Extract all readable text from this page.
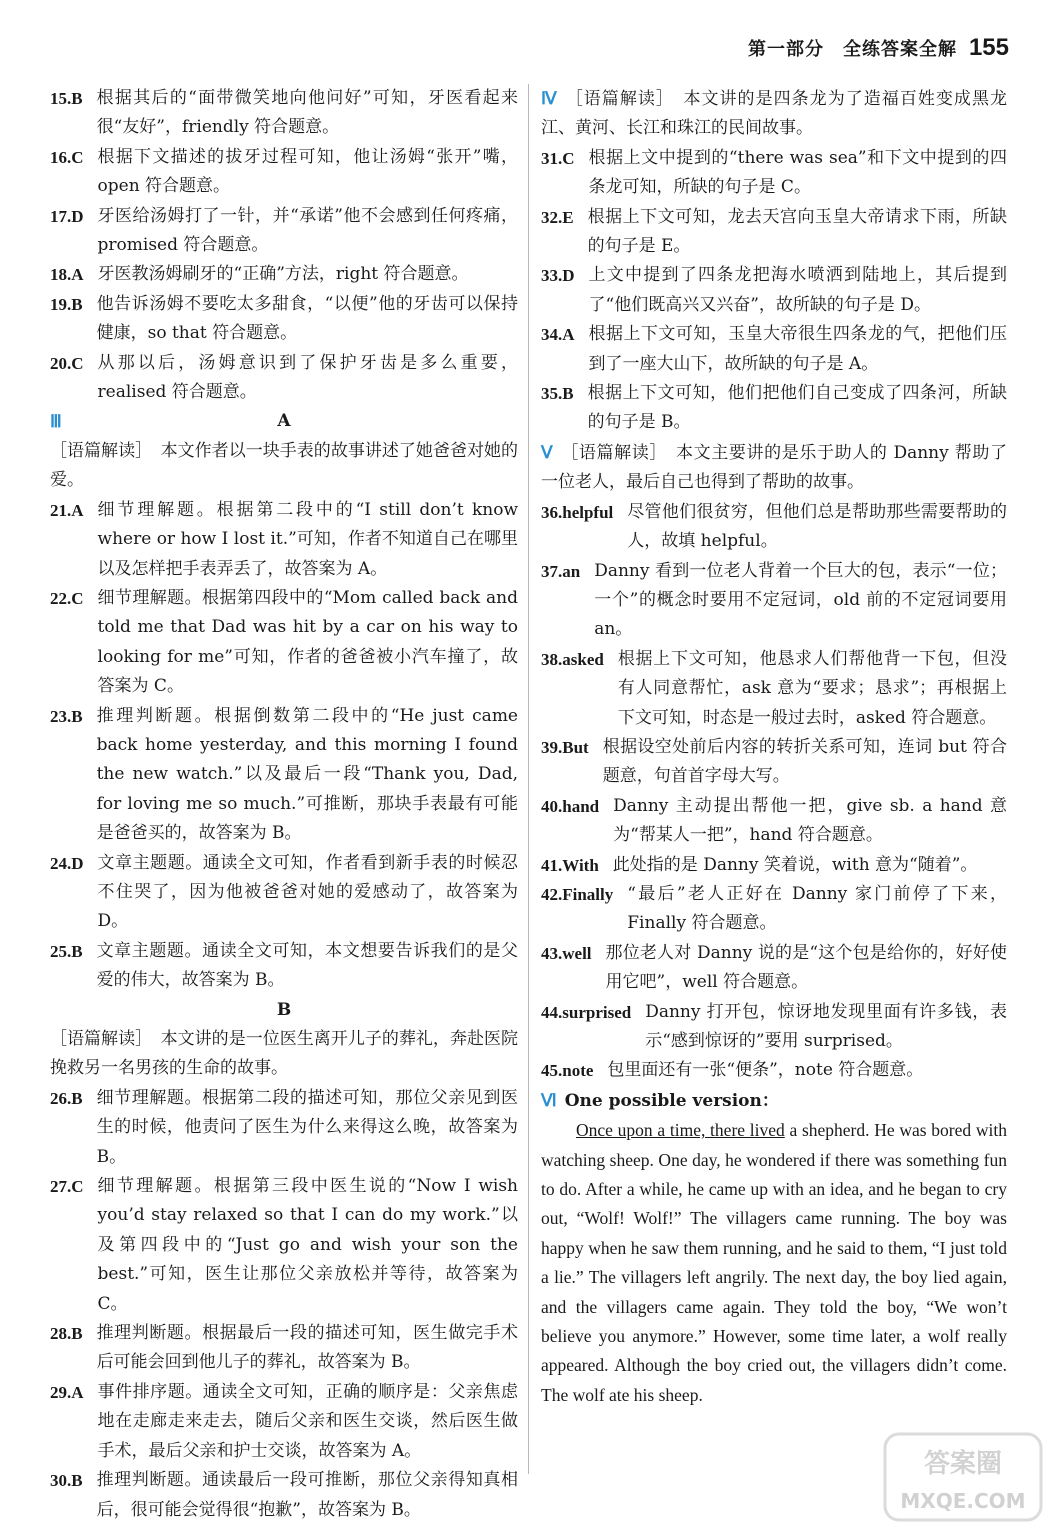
第一部分　全练答案全解 155
15.B 根据其后的“面带微笑地向他问好”可知，牙医看起来很“友好”，friendly 符合题意。
16.C 根据下文描述的拔牙过程可知，他让汤姆“张开”嘴，open 符合题意。
17.D 牙医给汤姆打了一针，并“承诺”他不会感到任何疼痛，promised 符合题意。
18.A 牙医教汤姆刷牙的“正确”方法，right 符合题意。
19.B 他告诉汤姆不要吃太多甜食，“以便”他的牙齿可以保持健康，so that 符合题意。
20.C 从那以后，汤姆意识到了保护牙齿是多么重要，realised 符合题意。
Ⅲ	A
［语篇解读］　本文作者以一块手表的故事讲述了她爸爸对她的爱。
21.A 细节理解题。根据第二段中的“I still don’t know where or how I lost it.”可知，作者不知道自己在哪里以及怎样把手表弄丢了，故答案为 A。
22.C 细节理解题。根据第四段中的“Mom called back and told me that Dad was hit by a car on his way to looking for me”可知，作者的爸爸被小汽车撞了，故答案为 C。
23.B 推理判断题。根据倒数第二段中的“He just came back home yesterday, and this morning I found the new watch.”以及最后一段“Thank you, Dad, for loving me so much.”可推断，那块手表最有可能是爸爸买的，故答案为 B。
24.D 文章主题题。通读全文可知，作者看到新手表的时候忍不住哭了，因为他被爸爸对她的爱感动了，故答案为 D。
25.B 文章主题题。通读全文可知，本文想要告诉我们的是父爱的伟大，故答案为 B。
B
［语篇解读］　本文讲的是一位医生离开儿子的葬礼，奔赴医院挽救另一名男孩的生命的故事。
26.B 细节理解题。根据第二段的描述可知，那位父亲见到医生的时候，他责问了医生为什么来得这么晚，故答案为 B。
27.C 细节理解题。根据第三段中医生说的“Now I wish you’d stay relaxed so that I can do my work.”以及第四段中的“Just go and wish your son the best.”可知，医生让那位父亲放松并等待，故答案为 C。
28.B 推理判断题。根据最后一段的描述可知，医生做完手术后可能会回到他儿子的葬礼，故答案为 B。
29.A 事件排序题。通读全文可知，正确的顺序是：父亲焦虑地在走廊走来走去，随后父亲和医生交谈，然后医生做手术，最后父亲和护士交谈，故答案为 A。
30.B 推理判断题。通读最后一段可推断，那位父亲得知真相后，很可能会觉得很“抱歉”，故答案为 B。
Ⅳ ［语篇解读］　本文讲的是四条龙为了造福百姓变成黑龙江、黄河、长江和珠江的民间故事。
31.C 根据上文中提到的“there was sea”和下文中提到的四条龙可知，所缺的句子是 C。
32.E 根据上下文可知，龙去天宫向玉皇大帝请求下雨，所缺的句子是 E。
33.D 上文中提到了四条龙把海水喷洒到陆地上，其后提到了“他们既高兴又兴奋”，故所缺的句子是 D。
34.A 根据上下文可知，玉皇大帝很生四条龙的气，把他们压到了一座大山下，故所缺的句子是 A。
35.B 根据上下文可知，他们把他们自己变成了四条河，所缺的句子是 B。
Ⅴ ［语篇解读］　本文主要讲的是乐于助人的 Danny 帮助了一位老人，最后自己也得到了帮助的故事。
36.helpful 尽管他们很贫穷，但他们总是帮助那些需要帮助的人，故填 helpful。
37.an Danny 看到一位老人背着一个巨大的包，表示“一位；一个”的概念时要用不定冠词，old 前的不定冠词要用 an。
38.asked 根据上下文可知，他恳求人们帮他背一下包，但没有人同意帮忙，ask 意为“要求；恳求”；再根据上下文可知，时态是一般过去时，asked 符合题意。
39.But 根据设空处前后内容的转折关系可知，连词 but 符合题意，句首首字母大写。
40.hand Danny 主动提出帮他一把，give sb. a hand 意为“帮某人一把”，hand 符合题意。
41.With 此处指的是 Danny 笑着说，with 意为“随着”。
42.Finally “最后”老人正好在 Danny 家门前停了下来，Finally 符合题意。
43.well 那位老人对 Danny 说的是“这个包是给你的，好好使用它吧”，well 符合题意。
44.surprised Danny 打开包，惊讶地发现里面有许多钱，表示“感到惊讶的”要用 surprised。
45.note 包里面还有一张“便条”，note 符合题意。
Ⅵ One possible version：
Once upon a time, there lived a shepherd. He was bored with watching sheep. One day, he wondered if there was something fun to do. After a while, he came up with an idea, and he began to cry out, “Wolf! Wolf!” The villagers came running. The boy was happy when he saw them running, and he said to them, “I just told a lie.” The villagers left angrily. The next day, the boy lied again, and the villagers came again. They told the boy, “We won’t believe you anymore.” However, some time later, a wolf really appeared. Although the boy cried out, the villagers didn’t come. The wolf ate his sheep.
答案圈
MXQE.COM
